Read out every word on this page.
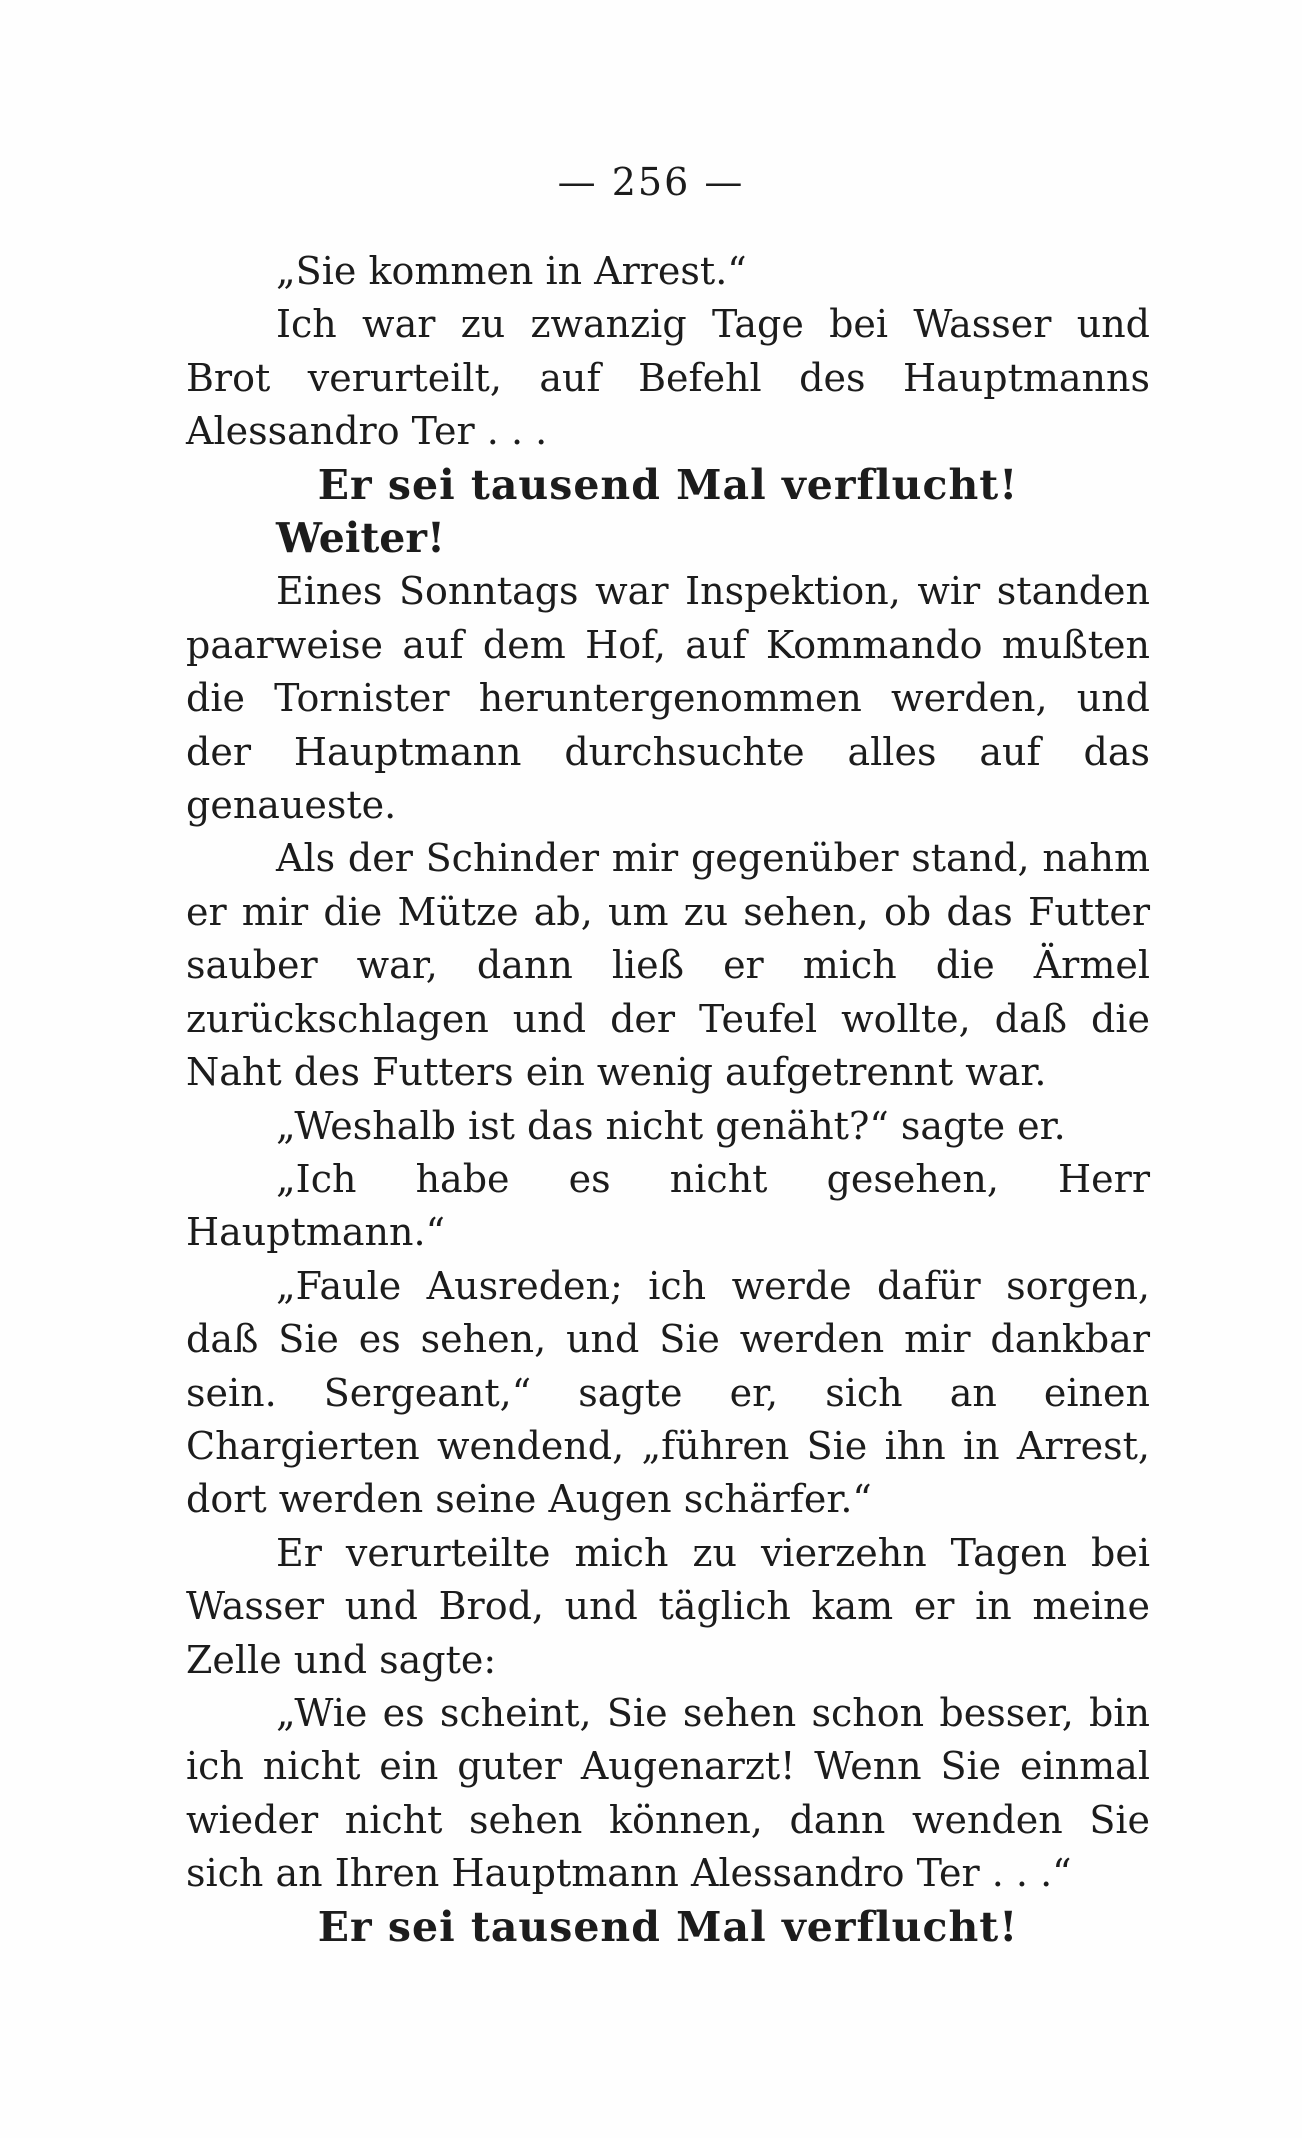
— 256 —

„Sie kommen in Arrest.“

Ich war zu zwanzig Tage bei Wasser und Brot verurteilt, auf Befehl des Hauptmanns Alessandro Ter . . .

Er sei tausend Mal verflucht!

Weiter!

Eines Sonntags war Inspektion, wir standen paarweise auf dem Hof, auf Kommando mußten die Tornister heruntergenommen werden, und der Hauptmann durchsuchte alles auf das genaueste.

Als der Schinder mir gegenüber stand, nahm er mir die Mütze ab, um zu sehen, ob das Futter sauber war, dann ließ er mich die Ärmel zurückschlagen und der Teufel wollte, daß die Naht des Futters ein wenig aufgetrennt war.

„Weshalb ist das nicht genäht?“ sagte er.

„Ich habe es nicht gesehen, Herr Hauptmann.“

„Faule Ausreden; ich werde dafür sorgen, daß Sie es sehen, und Sie werden mir dankbar sein. Sergeant,“ sagte er, sich an einen Chargierten wendend, „führen Sie ihn in Arrest, dort werden seine Augen schärfer.“

Er verurteilte mich zu vierzehn Tagen bei Wasser und Brod, und täglich kam er in meine Zelle und sagte:

„Wie es scheint, Sie sehen schon besser, bin ich nicht ein guter Augenarzt! Wenn Sie einmal wieder nicht sehen können, dann wenden Sie sich an Ihren Hauptmann Alessandro Ter . . .“

Er sei tausend Mal verflucht!
